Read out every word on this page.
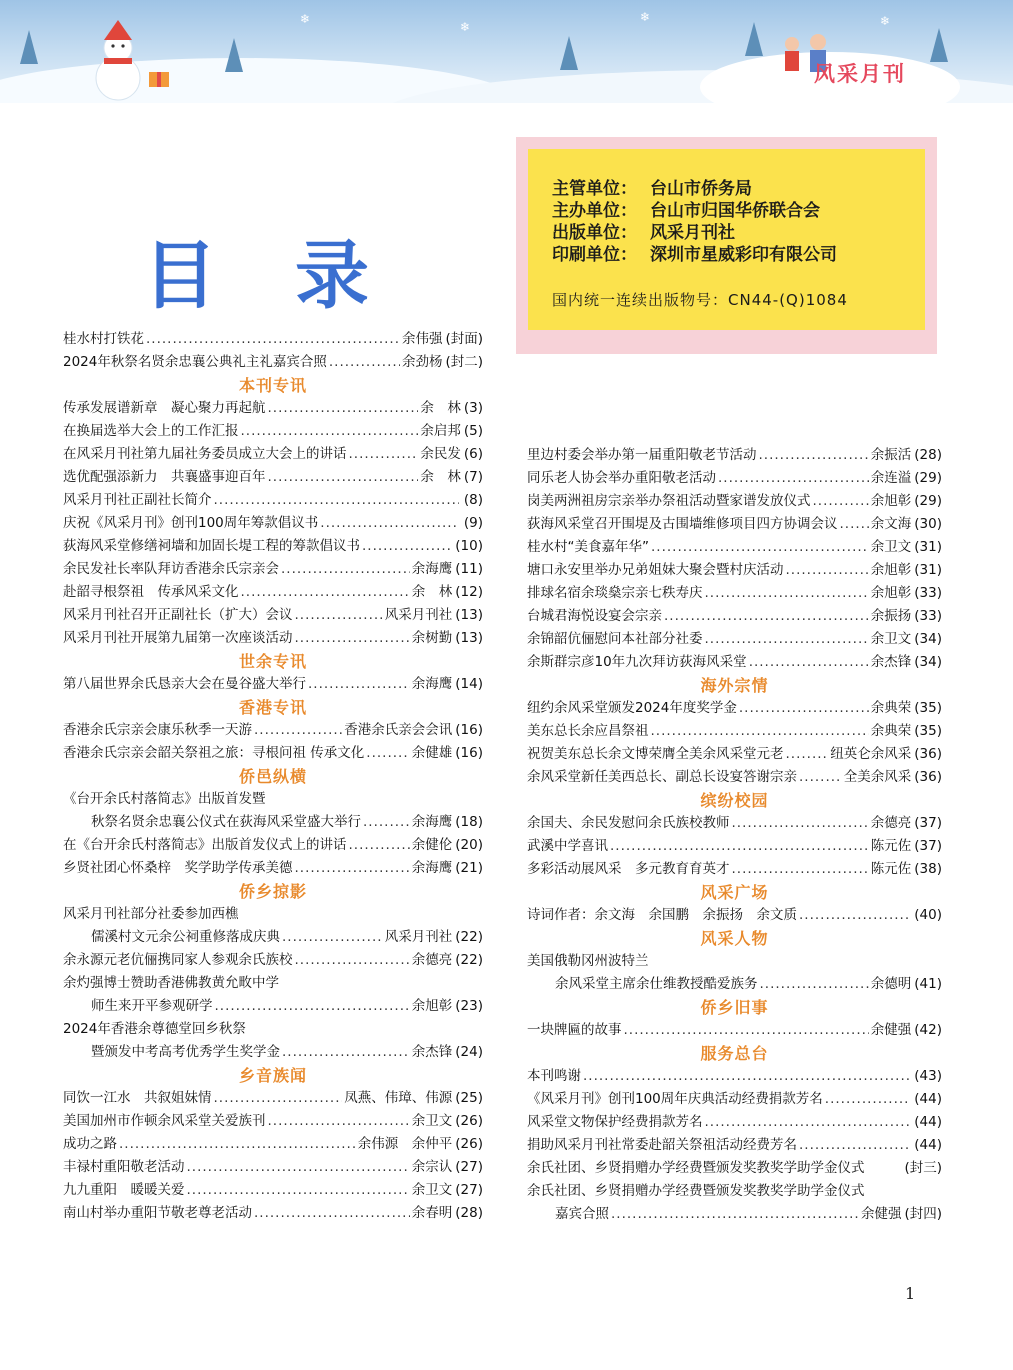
❄
❄
❄	❄
风采月刊
目录
桂水村打铁花 .....	余伟强 (封面)
2024年秋祭名贤余忠襄公典礼主礼嘉宾合照 .....	余劲杨 (封二)
本刊专讯
传承发展谱新章　凝心聚力再起航 .....	余　林 (3)
在换届选举大会上的工作汇报 .....	余启邦 (5)
在风采月刊社第九届社务委员成立大会上的讲话 .....	余民发 (6)
选优配强添新力　共襄盛事迎百年 .....	余　林 (7)
风采月刊社正副社长简介 .....	(8)
庆祝《风采月刊》创刊100周年筹款倡议书 .....	(9)
荻海风采堂修缮祠墙和加固长堤工程的筹款倡议书 .....	(10)
余民发社长率队拜访香港余氏宗亲会 .....	余海鹰 (11)
赴韶寻根祭祖　传承风采文化 .....	余　林 (12)
风采月刊社召开正副社长（扩大）会议 .....	风采月刊社 (13)
风采月刊社开展第九届第一次座谈活动 .....	余树勤 (13)
世余专讯
第八届世界余氏恳亲大会在曼谷盛大举行 .....	余海鹰 (14)
香港专讯
香港余氏宗亲会康乐秋季一天游 .....	香港余氏亲会会讯 (16)
香港余氏宗亲会韶关祭祖之旅：寻根问祖 传承文化 .....	余健雄 (16)
侨邑纵横
《台开余氏村落简志》出版首发暨
秋祭名贤余忠襄公仪式在荻海风采堂盛大举行 .....	余海鹰 (18)
在《台开余氏村落简志》出版首发仪式上的讲话 .....	余健伦 (20)
乡贤社团心怀桑梓　奖学助学传承美德 .....	余海鹰 (21)
侨乡掠影
风采月刊社部分社委参加西樵
儒溪村文元余公祠重修落成庆典 .....	风采月刊社 (22)
余永源元老伉俪携同家人参观余氏族校 .....	余德亮 (22)
余灼强博士赞助香港佛教黄允畋中学
师生来开平参观研学 .....	余旭彰 (23)
2024年香港余尊德堂回乡秋祭
暨颁发中考高考优秀学生奖学金 .....	余杰锋 (24)
乡音族闻
同饮一江水　共叙姐妹情 .....	凤燕、伟璋、伟源 (25)
美国加州市作顿余风采堂关爱族刊 .....	余卫文 (26)
成功之路 .....	余伟源　余仲平 (26)
丰禄村重阳敬老活动 .....	余宗认 (27)
九九重阳　暖暖关爱 .....	余卫文 (27)
南山村举办重阳节敬老尊老活动 .....	余春明 (28)
里边村委会举办第一届重阳敬老节活动 .....	余振活 (28)
同乐老人协会举办重阳敬老活动 .....	余连溢 (29)
岗美两洲祖房宗亲举办祭祖活动暨家谱发放仪式 .....	余旭彰 (29)
荻海风采堂召开围堤及古围墙维修项目四方协调会议 ..... 余文海 (30)
桂水村“美食嘉年华” .....	余卫文 (31)
塘口永安里举办兄弟姐妹大聚会暨村庆活动 .....	余旭彰 (31)
排球名宿余琰燊宗亲七秩寿庆 .....	余旭彰 (33)
台城君海悦设宴会宗亲 .....	余振扬 (33)
余锦韶伉俪慰问本社部分社委 .....	余卫文 (34)
余斯群宗彦10年九次拜访荻海风采堂 .....	余杰锋 (34)
海外宗情
纽约余风采堂颁发2024年度奖学金 .....	余典荣 (35)
美东总长余应昌祭祖 .....	余典荣 (35)
祝贺美东总长余文博荣膺全美余风采堂元老 .....	纽英仑余风采 (36)
余风采堂新任美西总长、副总长设宴答谢宗亲 .....	全美余风采 (36)
缤纷校园
余国夫、余民发慰问余氏族校教师 .....	余德亮 (37)
武溪中学喜讯 .....	陈元佐 (37)
多彩活动展风采　多元教育育英才 .....	陈元佐 (38)
风采广场
诗词作者：余文海　余国鹏　余振扬　余文质 .....	(40)
风采人物
美国俄勒冈州波特兰
余风采堂主席余仕维教授酷爱族务 .....	余德明 (41)
侨乡旧事
一块牌匾的故事 .....	余健强 (42)
服务总台
本刊鸣谢 .....	(43)
《风采月刊》创刊100周年庆典活动经费捐款芳名 .....	(44)
风采堂文物保护经费捐款芳名 .....	(44)
捐助风采月刊社常委赴韶关祭祖活动经费芳名 .....	(44)
余氏社团、乡贤捐赠办学经费暨颁发奖教奖学助学金仪式	(封三)
余氏社团、乡贤捐赠办学经费暨颁发奖教奖学助学金仪式
嘉宾合照 .....	余健强 (封四)
1
主管单位： 台山市侨务局
主办单位： 台山市归国华侨联合会
出版单位： 风采月刊社
印刷单位： 深圳市星威彩印有限公司
国内统一连续出版物号：CN44-(Q)1084
